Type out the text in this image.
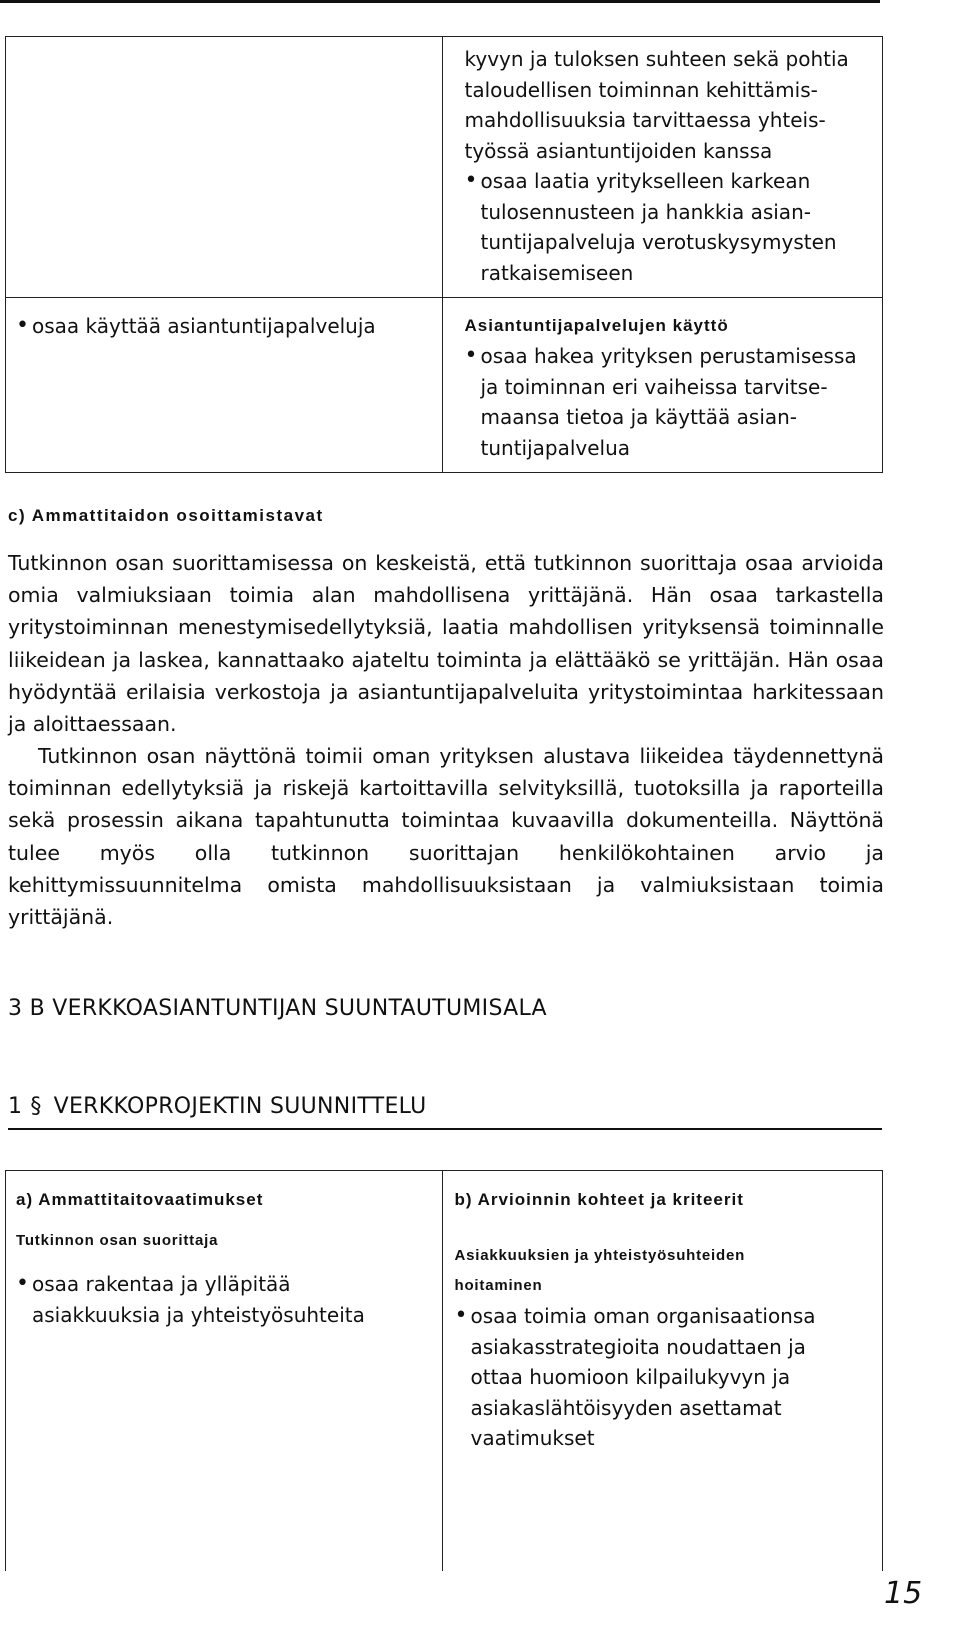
kyvyn ja tuloksen suhteen sekä pohtia
taloudellisen toiminnan kehittämis-
mahdollisuuksia tarvittaessa yhteis-
työssä asiantuntijoiden kanssa
• osaa laatia yritykselleen karkean
tulosennusteen ja hankkia asian-
tuntijapalveluja verotuskysymysten
ratkaisemiseen
• osaa käyttää asiantuntijapalveluja	Asiantuntijapalvelujen käyttö
• osaa hakea yrityksen perustamisessa
ja toiminnan eri vaiheissa tarvitse-
maansa tietoa ja käyttää asian-
tuntijapalvelua
c) Ammattitaidon osoittamistavat

Tutkinnon osan suorittamisessa on keskeistä, että tutkinnon suorittaja osaa arvioida omia valmiuksiaan toimia alan mahdollisena yrittäjänä. Hän osaa tarkastella yritystoiminnan menestymisedellytyksiä, laatia mahdollisen yrityksensä toiminnalle liikeidean ja laskea, kannattaako ajateltu toiminta ja elättääkö se yrittäjän. Hän osaa hyödyntää erilaisia verkostoja ja asiantuntijapalveluita yritystoimintaa harkitessaan ja aloittaessaan.

Tutkinnon osan näyttönä toimii oman yrityksen alustava liikeidea täydennettynä toiminnan edellytyksiä ja riskejä kartoittavilla selvityksillä, tuotoksilla ja raporteilla sekä prosessin aikana tapahtunutta toimintaa kuvaavilla dokumenteilla. Näyttönä tulee myös olla tutkinnon suorittajan henkilökohtainen arvio ja kehittymissuunnitelma omista mahdollisuuksistaan ja valmiuksistaan toimia yrittäjänä.

3 B VERKKOASIANTUNTIJAN SUUNTAUTUMISALA
1 § VERKKOPROJEKTIN SUUNNITTELU
a) Ammattitaitovaatimukset
Tutkinnon osan suorittaja
• osaa rakentaa ja ylläpitää
asiakkuuksia ja yhteistyösuhteita
b) Arvioinnin kohteet ja kriteerit
Asiakkuuksien ja yhteistyösuhteiden
hoitaminen
• osaa toimia oman organisaationsa
asiakasstrategioita noudattaen ja
ottaa huomioon kilpailukyvyn ja
asiakaslähtöisyyden asettamat
vaatimukset
15
